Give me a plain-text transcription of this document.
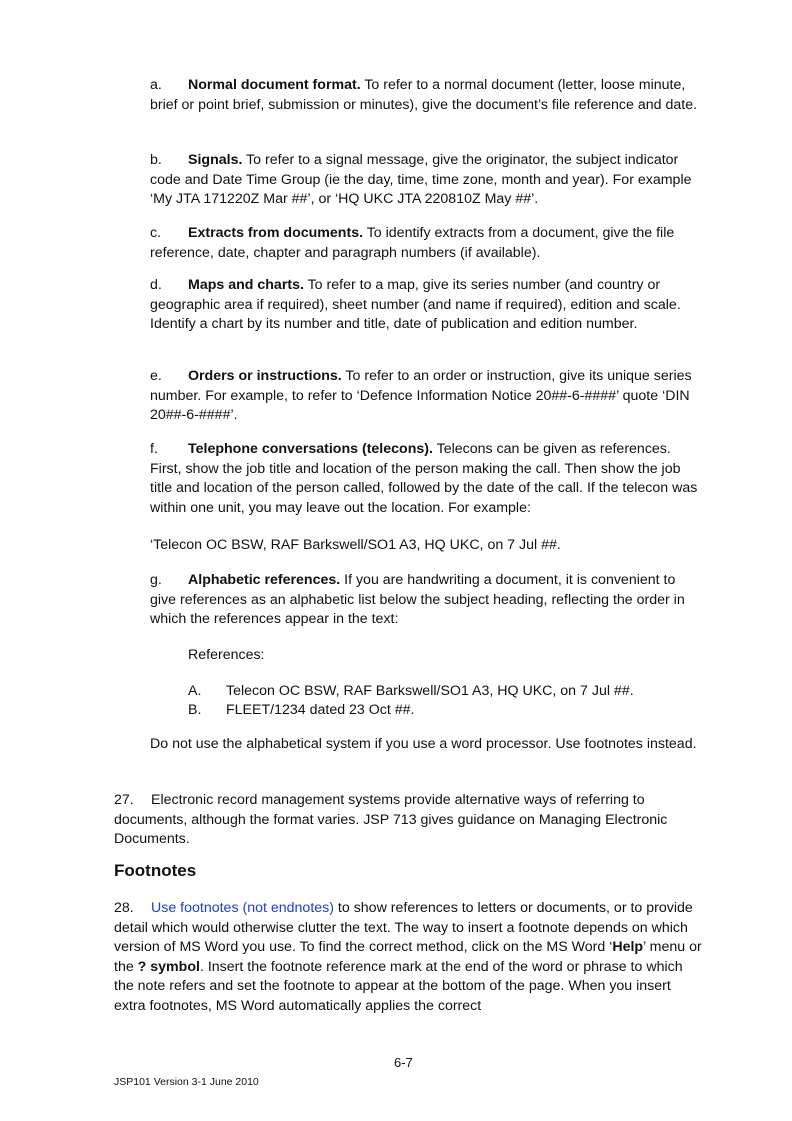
a. Normal document format. To refer to a normal document (letter, loose minute, brief or point brief, submission or minutes), give the document’s file reference and date.

b. Signals. To refer to a signal message, give the originator, the subject indicator code and Date Time Group (ie the day, time, time zone, month and year). For example ‘My JTA 171220Z Mar ##’, or ‘HQ UKC JTA 220810Z May ##’.

c. Extracts from documents. To identify extracts from a document, give the file reference, date, chapter and paragraph numbers (if available).

d. Maps and charts. To refer to a map, give its series number (and country or geographic area if required), sheet number (and name if required), edition and scale. Identify a chart by its number and title, date of publication and edition number.

e. Orders or instructions. To refer to an order or instruction, give its unique series number. For example, to refer to ‘Defence Information Notice 20##-6-####’ quote ‘DIN 20##-6-####’.

f. Telephone conversations (telecons). Telecons can be given as references. First, show the job title and location of the person making the call. Then show the job title and location of the person called, followed by the date of the call. If the telecon was within one unit, you may leave out the location. For example:

‘Telecon OC BSW, RAF Barkswell/SO1 A3, HQ UKC, on 7 Jul ##.

g. Alphabetic references. If you are handwriting a document, it is convenient to give references as an alphabetic list below the subject heading, reflecting the order in which the references appear in the text:

References:

A. Telecon OC BSW, RAF Barkswell/SO1 A3, HQ UKC, on 7 Jul ##.

B. FLEET/1234 dated 23 Oct ##.

Do not use the alphabetical system if you use a word processor. Use footnotes instead.

27. Electronic record management systems provide alternative ways of referring to documents, although the format varies. JSP 713 gives guidance on Managing Electronic Documents.

Footnotes

28. Use footnotes (not endnotes) to show references to letters or documents, or to provide detail which would otherwise clutter the text. The way to insert a footnote depends on which version of MS Word you use. To find the correct method, click on the MS Word ‘Help’ menu or the ? symbol. Insert the footnote reference mark at the end of the word or phrase to which the note refers and set the footnote to appear at the bottom of the page. When you insert extra footnotes, MS Word automatically applies the correct

6-7

JSP101 Version 3-1 June 2010
